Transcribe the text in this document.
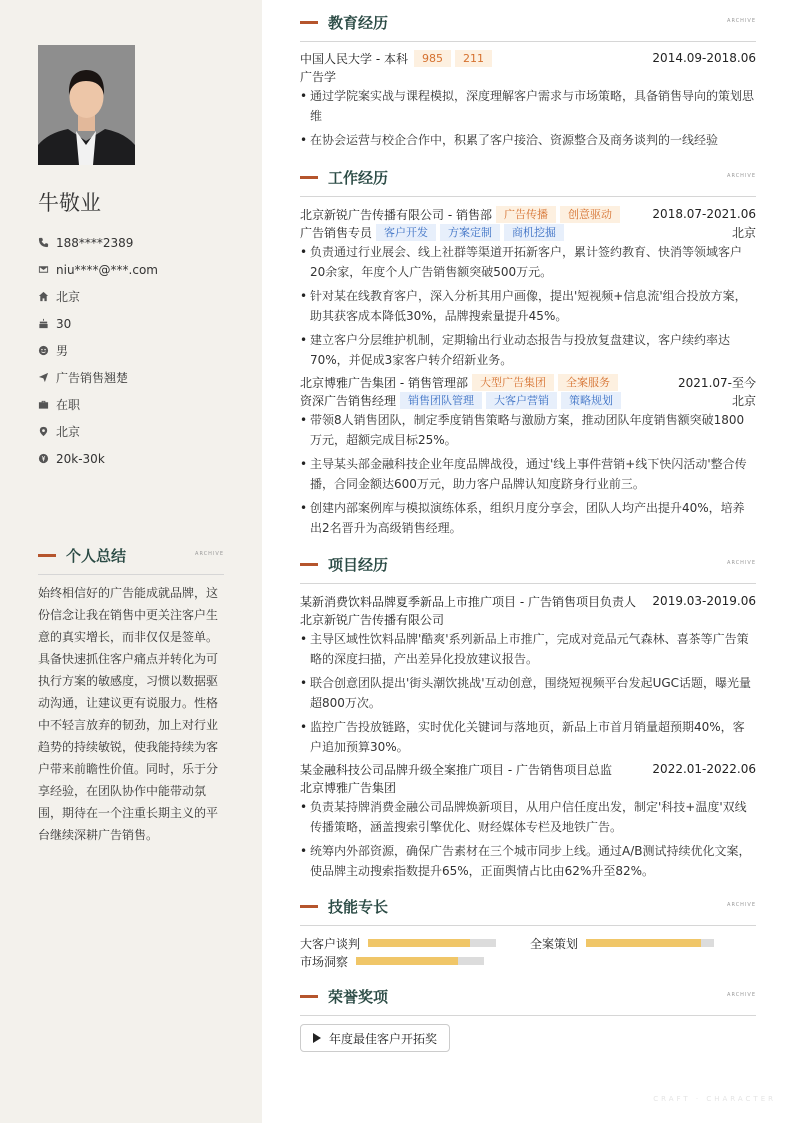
牛敬业
188****2389
niu****@***.com
北京
30
男
广告销售翘楚
在职
北京
20k-30k
个人总结	ARCHIVE
始终相信好的广告能成就品牌，这份信念让我在销售中更关注客户生意的真实增长，而非仅仅是签单。具备快速抓住客户痛点并转化为可执行方案的敏感度，习惯以数据驱动沟通，让建议更有说服力。性格中不轻言放弃的韧劲，加上对行业趋势的持续敏锐，使我能持续为客户带来前瞻性价值。同时，乐于分享经验，在团队协作中能带动氛围，期待在一个注重长期主义的平台继续深耕广告销售。
教育经历	ARCHIVE
中国人民大学 - 本科	985	211	2014.09-2018.06
广告学
• 通过学院案实战与课程模拟，深度理解客户需求与市场策略，具备销售导向的策划思维
• 在协会运营与校企合作中，积累了客户接洽、资源整合及商务谈判的一线经验
工作经历	ARCHIVE
北京新锐广告传播有限公司 - 销售部	广告传播	创意驱动	2018.07-2021.06
广告销售专员	客户开发	方案定制	商机挖掘	北京
• 负责通过行业展会、线上社群等渠道开拓新客户，累计签约教育、快消等领域客户20余家，年度个人广告销售额突破500万元。
• 针对某在线教育客户，深入分析其用户画像，提出'短视频+信息流'组合投放方案，助其获客成本降低30%，品牌搜索量提升45%。
• 建立客户分层维护机制，定期输出行业动态报告与投放复盘建议，客户续约率达70%，并促成3家客户转介绍新业务。
北京博雅广告集团 - 销售管理部	大型广告集团	全案服务	2021.07-至今
资深广告销售经理	销售团队管理	大客户营销	策略规划	北京
• 带领8人销售团队，制定季度销售策略与激励方案，推动团队年度销售额突破1800万元，超额完成目标25%。
• 主导某头部金融科技企业年度品牌战役，通过'线上事件营销+线下快闪活动'整合传播，合同金额达600万元，助力客户品牌认知度跻身行业前三。
• 创建内部案例库与模拟演练体系，组织月度分享会，团队人均产出提升40%，培养出2名晋升为高级销售经理。
项目经历	ARCHIVE
某新消费饮料品牌夏季新品上市推广项目 - 广告销售项目负责人 2019.03-2019.06
北京新锐广告传播有限公司
• 主导区域性饮料品牌'酷爽'系列新品上市推广，完成对竞品元气森林、喜茶等广告策略的深度扫描，产出差异化投放建议报告。
• 联合创意团队提出'街头潮饮挑战'互动创意，围绕短视频平台发起UGC话题，曝光量超800万次。
• 监控广告投放链路，实时优化关键词与落地页，新品上市首月销量超预期40%，客户追加预算30%。
某金融科技公司品牌升级全案推广项目 - 广告销售项目总监	2022.01-2022.06
北京博雅广告集团
• 负责某持牌消费金融公司品牌焕新项目，从用户信任度出发，制定'科技+温度'双线传播策略，涵盖搜索引擎优化、财经媒体专栏及地铁广告。
• 统筹内外部资源，确保广告素材在三个城市同步上线。通过A/B测试持续优化文案，使品牌主动搜索指数提升65%，正面舆情占比由62%升至82%。
技能专长	ARCHIVE
大客户谈判	全案策划
市场洞察
荣誉奖项	ARCHIVE
年度最佳客户开拓奖
CRAFT · CHARACTER
